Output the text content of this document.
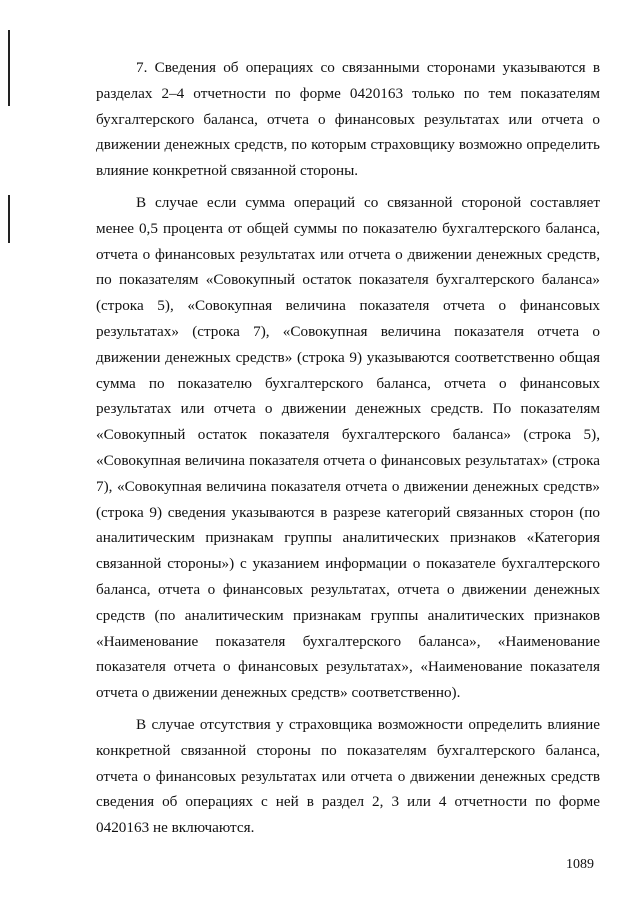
7. Сведения об операциях со связанными сторонами указываются в разделах 2–4 отчетности по форме 0420163 только по тем показателям бухгалтерского баланса, отчета о финансовых результатах или отчета о движении денежных средств, по которым страховщику возможно определить влияние конкретной связанной стороны.

В случае если сумма операций со связанной стороной составляет менее 0,5 процента от общей суммы по показателю бухгалтерского баланса, отчета о финансовых результатах или отчета о движении денежных средств, по показателям «Совокупный остаток показателя бухгалтерского баланса» (строка 5), «Совокупная величина показателя отчета о финансовых результатах» (строка 7), «Совокупная величина показателя отчета о движении денежных средств» (строка 9) указываются соответственно общая сумма по показателю бухгалтерского баланса, отчета о финансовых результатах или отчета о движении денежных средств. По показателям «Совокупный остаток показателя бухгалтерского баланса» (строка 5), «Совокупная величина показателя отчета о финансовых результатах» (строка 7), «Совокупная величина показателя отчета о движении денежных средств» (строка 9) сведения указываются в разрезе категорий связанных сторон (по аналитическим признакам группы аналитических признаков «Категория связанной стороны») с указанием информации о показателе бухгалтерского баланса, отчета о финансовых результатах, отчета о движении денежных средств (по аналитическим признакам группы аналитических признаков «Наименование показателя бухгалтерского баланса», «Наименование показателя отчета о финансовых результатах», «Наименование показателя отчета о движении денежных средств» соответственно).

В случае отсутствия у страховщика возможности определить влияние конкретной связанной стороны по показателям бухгалтерского баланса, отчета о финансовых результатах или отчета о движении денежных средств сведения об операциях с ней в раздел 2, 3 или 4 отчетности по форме 0420163 не включаются.

1089
